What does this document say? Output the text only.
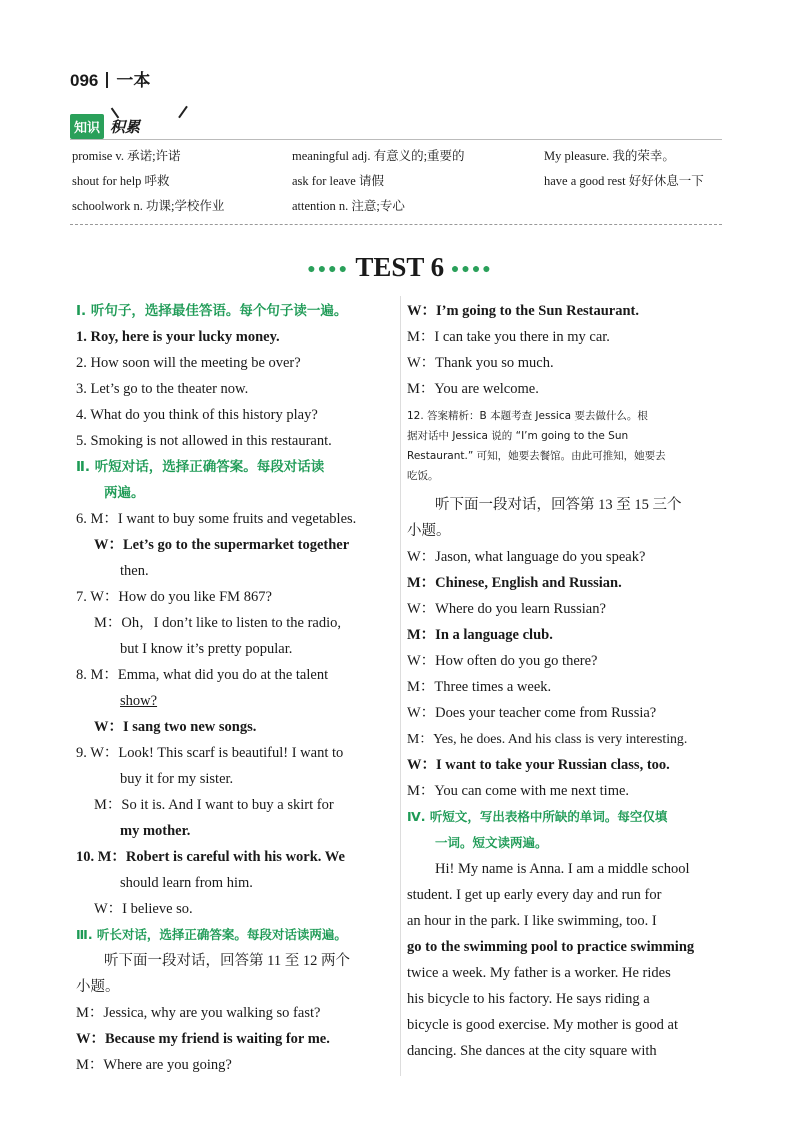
096 一本
知识 积累
promise v. 承诺;许诺	meaningful adj. 有意义的;重要的	My pleasure. 我的荣幸。
shout for help 呼救	ask for leave 请假	have a good rest 好好休息一下
schoolwork n. 功课;学校作业	attention n. 注意;专心
●●●● TEST 6 ●●●●
Ⅰ. 听句子，选择最佳答语。每个句子读一遍。
1. Roy, here is your lucky money.
2. How soon will the meeting be over?
3. Let’s go to the theater now.
4. What do you think of this history play?
5. Smoking is not allowed in this restaurant.
Ⅱ. 听短对话，选择正确答案。每段对话读
两遍。
6. M：I want to buy some fruits and vegetables.
W：Let’s go to the supermarket together
then.
7. W：How do you like FM 867?
M：Oh，I don’t like to listen to the radio,
but I know it’s pretty popular.
8. M：Emma, what did you do at the talent
show?
W：I sang two new songs.
9. W：Look! This scarf is beautiful! I want to
buy it for my sister.
M：So it is. And I want to buy a skirt for
my mother.
10. M：Robert is careful with his work. We
should learn from him.
W：I believe so.
Ⅲ. 听长对话，选择正确答案。每段对话读两遍。
听下面一段对话，回答第 11 至 12 两个
小题。
M：Jessica, why are you walking so fast?
W：Because my friend is waiting for me.
M：Where are you going?
W：I’m going to the Sun Restaurant.
M：I can take you there in my car.
W：Thank you so much.
M：You are welcome.
12. 答案精析：B 本题考查 Jessica 要去做什么。根
据对话中 Jessica 说的 “I’m going to the Sun
Restaurant.” 可知，她要去餐馆。由此可推知，她要去
吃饭。
听下面一段对话，回答第 13 至 15 三个
小题。
W：Jason, what language do you speak?
M：Chinese, English and Russian.
W：Where do you learn Russian?
M：In a language club.
W：How often do you go there?
M：Three times a week.
W：Does your teacher come from Russia?
M：Yes, he does. And his class is very interesting.
W：I want to take your Russian class, too.
M：You can come with me next time.
Ⅳ. 听短文，写出表格中所缺的单词。每空仅填
一词。短文读两遍。
Hi! My name is Anna. I am a middle school
student. I get up early every day and run for
an hour in the park. I like swimming, too. I
go to the swimming pool to practice swimming
twice a week. My father is a worker. He rides
his bicycle to his factory. He says riding a
bicycle is good exercise. My mother is good at
dancing. She dances at the city square with
